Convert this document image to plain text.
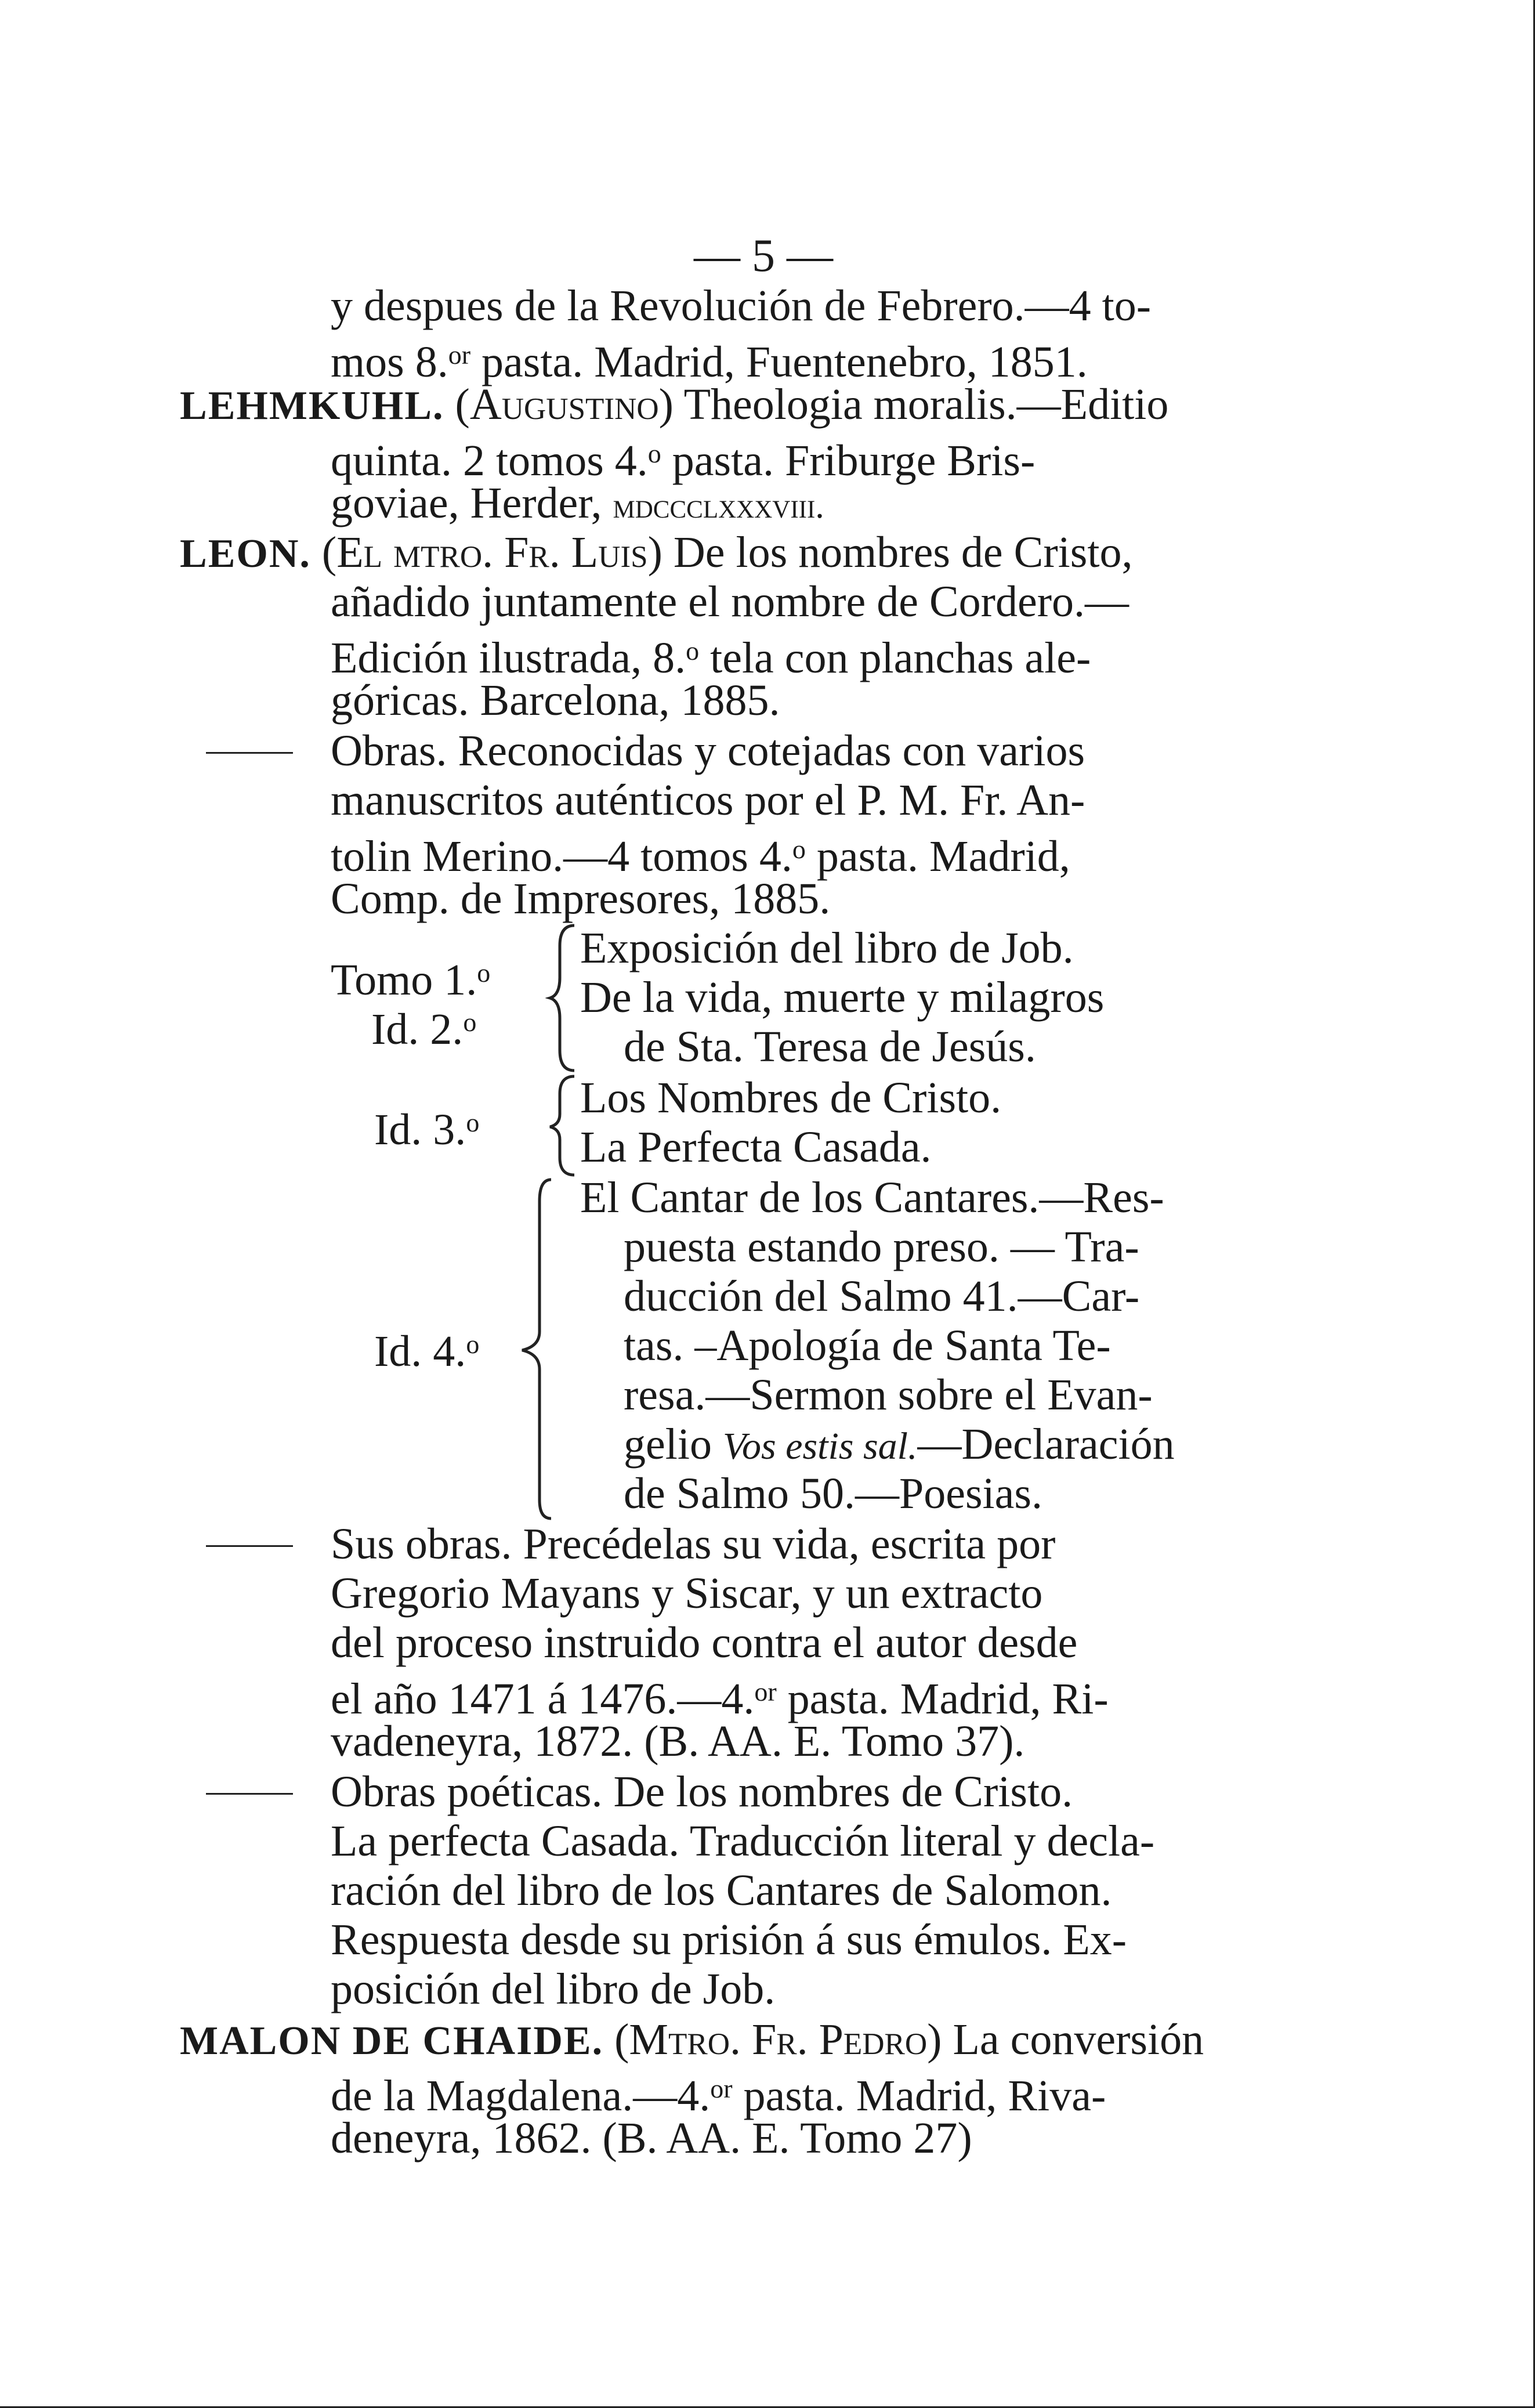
— 5 —
y despues de la Revolución de Febrero.—4 to-
mos 8.$^{or}$ pasta. Madrid, Fuentenebro, 1851.
LEHMKUHL. (Augustino) Theologia moralis.—Editio
quinta. 2 tomos 4.$^o$ pasta. Friburge Bris-
goviae, Herder, mdccclxxxviii.
LEON. (El mtro. Fr. Luis) De los nombres de Cristo,
añadido juntamente el nombre de Cordero.—
Edición ilustrada, 8.$^o$ tela con planchas ale-
góricas. Barcelona, 1885.
Obras. Reconocidas y cotejadas con varios
manuscritos auténticos por el P. M. Fr. An-
tolin Merino.—4 tomos 4.$^o$ pasta. Madrid,
Comp. de Impresores, 1885.
Tomo 1.$^o$
Id. 2.$^o$
Exposición del libro de Job.
De la vida, muerte y milagros
de Sta. Teresa de Jesús.
Id. 3.$^o$
Los Nombres de Cristo.
La Perfecta Casada.
Id. 4.$^o$
El Cantar de los Cantares.—Res-
puesta estando preso. — Tra-
ducción del Salmo 41.—Car-
tas. –Apología de Santa Te-
resa.—Sermon sobre el Evan-
gelio Vos estis sal.—Declaración
de Salmo 50.—Poesias.
Sus obras. Precédelas su vida, escrita por
Gregorio Mayans y Siscar, y un extracto
del proceso instruido contra el autor desde
el año 1471 á 1476.—4.$^{or}$ pasta. Madrid, Ri-
vadeneyra, 1872. (B. AA. E. Tomo 37).
Obras poéticas. De los nombres de Cristo.
La perfecta Casada. Traducción literal y decla-
ración del libro de los Cantares de Salomon.
Respuesta desde su prisión á sus émulos. Ex-
posición del libro de Job.
MALON DE CHAIDE. (Mtro. Fr. Pedro) La conversión
de la Magdalena.—4.$^{or}$ pasta. Madrid, Riva-
deneyra, 1862. (B. AA. E. Tomo 27)
